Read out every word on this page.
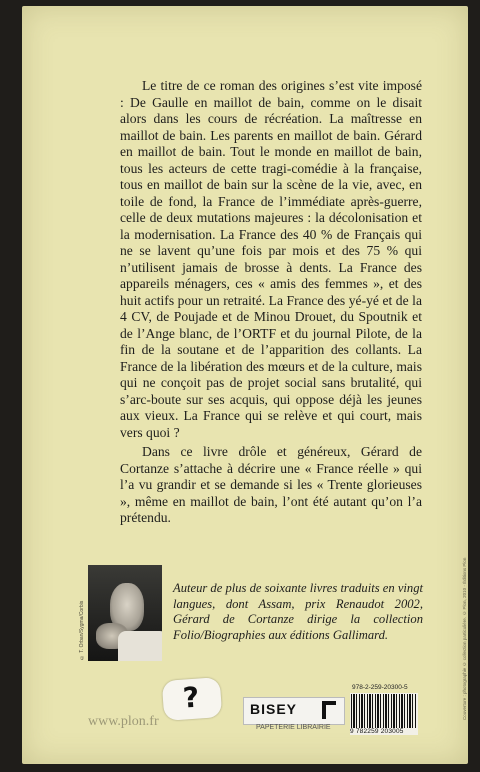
Le titre de ce roman des origines s’est vite imposé : De Gaulle en maillot de bain, comme on le disait alors dans les cours de récréation. La maîtresse en maillot de bain. Les parents en maillot de bain. Gérard en maillot de bain. Tout le monde en maillot de bain, tous les acteurs de cette tragi-comédie à la française, tous en maillot de bain sur la scène de la vie, avec, en toile de fond, la France de l’immédiate après-guerre, celle de deux mutations majeures : la décolonisation et la modernisation. La France des 40 % de Français qui ne se lavent qu’une fois par mois et des 75 % qui n’utilisent jamais de brosse à dents. La France des appareils ménagers, ces « amis des femmes », et des huit actifs pour un retraité. La France des yé-yé et de la 4 CV, de Poujade et de Minou Drouet, du Spoutnik et de l’Ange blanc, de l’ORTF et du journal Pilote, de la fin de la soutane et de l’apparition des collants. La France de la libération des mœurs et de la culture, mais qui ne conçoit pas de projet social sans brutalité, qui s’arc-boute sur ses acquis, qui oppose déjà les jeunes aux vieux. La France qui se relève et qui court, mais vers quoi ?

Dans ce livre drôle et généreux, Gérard de Cortanze s’attache à décrire une « France réelle » qui l’a vu grandir et se demande si les « Trente glorieuses », même en maillot de bain, l’ont été autant qu’on l’a prétendu.

© T. Orban/Sygma/Corbis
Auteur de plus de soixante livres traduits en vingt langues, dont Assam, prix Renaudot 2002, Gérard de Cortanze dirige la collection Folio/Biographies aux éditions Gallimard.
?
www.plon.fr
BISEY
PAPETERIE LIBRAIRIE
978-2-259-20300-5
9 782259 203005
Couverture : photographie © collection particulière. © Plon, 2010 · Éditions Plon
